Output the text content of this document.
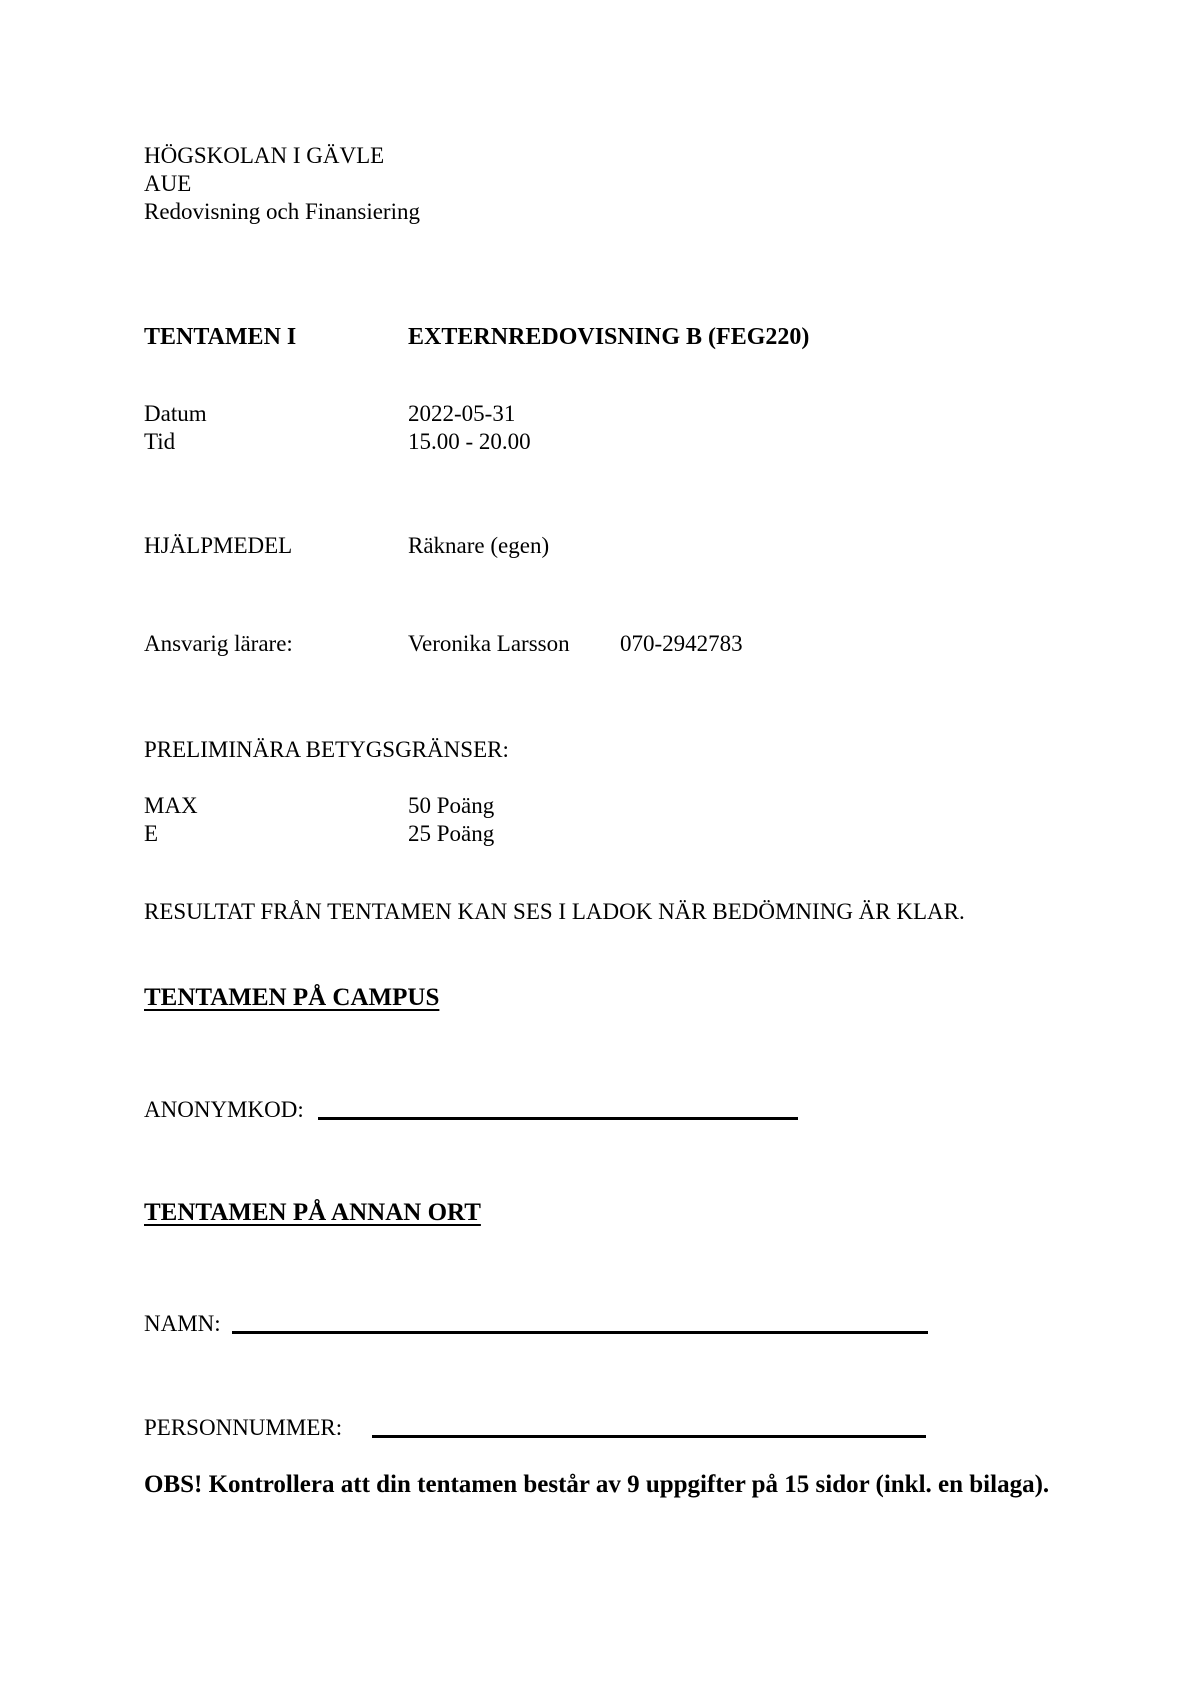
HÖGSKOLAN I GÄVLE
AUE
Redovisning och Finansiering
TENTAMEN I	EXTERNREDOVISNING B (FEG220)
Datum	2022-05-31
Tid	15.00 - 20.00
HJÄLPMEDEL	Räknare (egen)
Ansvarig lärare:	Veronika Larsson 070-2942783
PRELIMINÄRA BETYGSGRÄNSER:
MAX	50 Poäng
E	25 Poäng
RESULTAT FRÅN TENTAMEN KAN SES I LADOK NÄR BEDÖMNING ÄR KLAR.
TENTAMEN PÅ CAMPUS
ANONYMKOD:
TENTAMEN PÅ ANNAN ORT
NAMN:
PERSONNUMMER:
OBS! Kontrollera att din tentamen består av 9 uppgifter på 15 sidor (inkl. en bilaga).
